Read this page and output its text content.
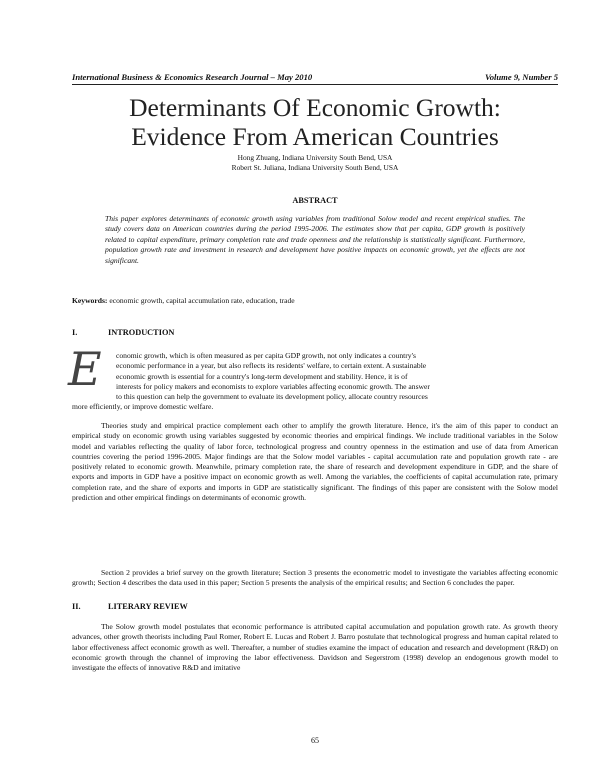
International Business & Economics Research Journal – May 2010	Volume 9, Number 5
Determinants Of Economic Growth:
Evidence From American Countries
Hong Zhuang, Indiana University South Bend, USA
Robert St. Juliana, Indiana University South Bend, USA
ABSTRACT
This paper explores determinants of economic growth using variables from traditional Solow model and recent empirical studies. The study covers data on American countries during the period 1995-2006. The estimates show that per capita, GDP growth is positively related to capital expenditure, primary completion rate and trade openness and the relationship is statistically significant. Furthermore, population growth rate and investment in research and development have positive impacts on economic growth, yet the effects are not significant.
Keywords: economic growth, capital accumulation rate, education, trade
I.	INTRODUCTION
E	conomic growth, which is often measured as per capita GDP growth, not only indicates a country's
economic performance in a year, but also reflects its residents' welfare, to certain extent. A sustainable
economic growth is essential for a country's long-term development and stability. Hence, it is of
interests for policy makers and economists to explore variables affecting economic growth. The answer
to this question can help the government to evaluate its development policy, allocate country resources
more efficiently, or improve domestic welfare.
Theories study and empirical practice complement each other to amplify the growth literature. Hence, it's the aim of this paper to conduct an empirical study on economic growth using variables suggested by economic theories and empirical findings. We include traditional variables in the Solow model and variables reflecting the quality of labor force, technological progress and country openness in the estimation and use of data from American countries covering the period 1996-2005. Major findings are that the Solow model variables - capital accumulation rate and population growth rate - are positively related to economic growth. Meanwhile, primary completion rate, the share of research and development expenditure in GDP, and the share of exports and imports in GDP have a positive impact on economic growth as well. Among the variables, the coefficients of capital accumulation rate, primary completion rate, and the share of exports and imports in GDP are statistically significant. The findings of this paper are consistent with the Solow model prediction and other empirical findings on determinants of economic growth.
Section 2 provides a brief survey on the growth literature; Section 3 presents the econometric model to investigate the variables affecting economic growth; Section 4 describes the data used in this paper; Section 5 presents the analysis of the empirical results; and Section 6 concludes the paper.
II.	LITERARY REVIEW
The Solow growth model postulates that economic performance is attributed capital accumulation and population growth rate. As growth theory advances, other growth theorists including Paul Romer, Robert E. Lucas and Robert J. Barro postulate that technological progress and human capital related to labor effectiveness affect economic growth as well. Thereafter, a number of studies examine the impact of education and research and development (R&D) on economic growth through the channel of improving the labor effectiveness. Davidson and Segerstrom (1998) develop an endogenous growth model to investigate the effects of innovative R&D and imitative
65
